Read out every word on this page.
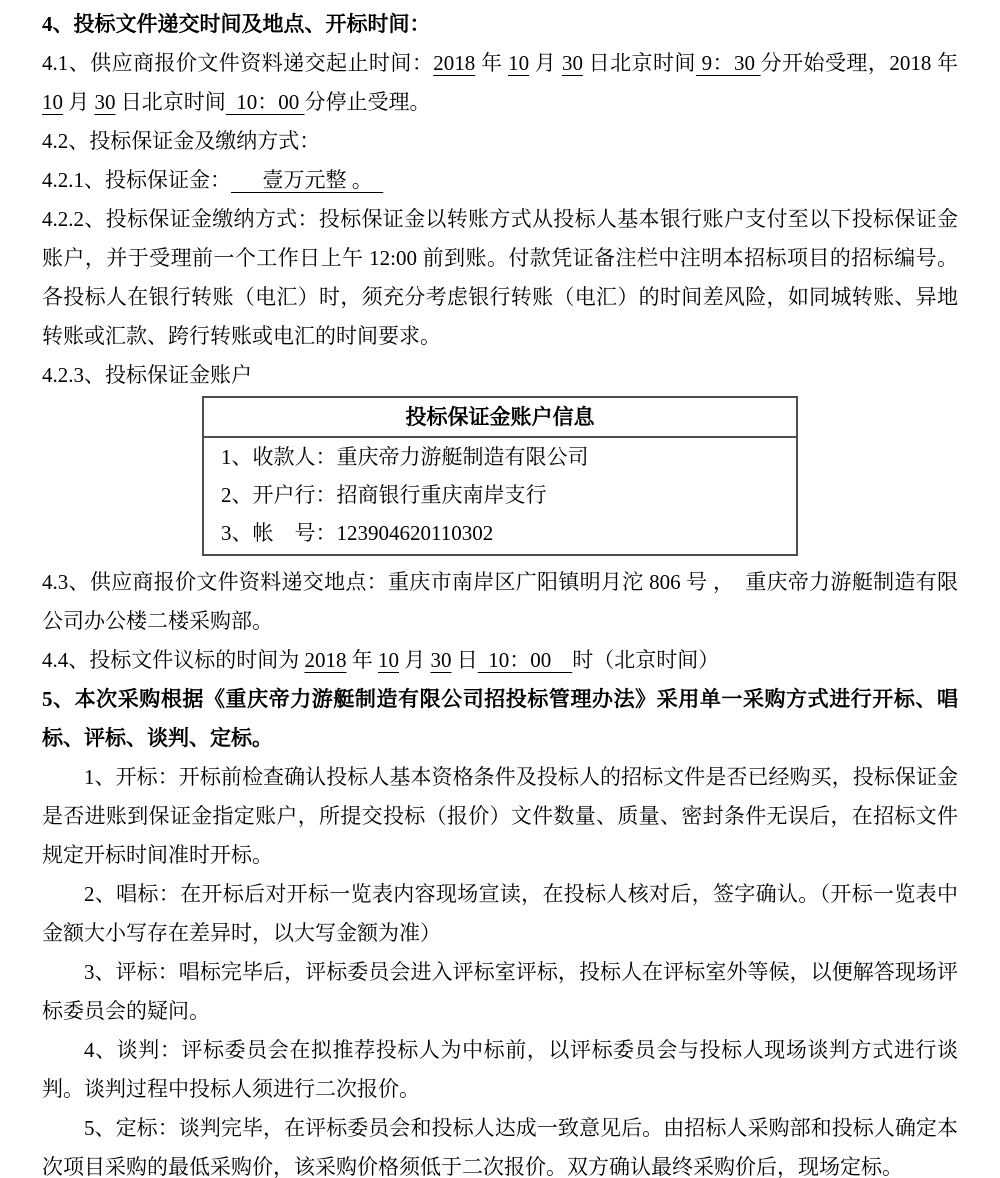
4、投标文件递交时间及地点、开标时间：

4.1、供应商报价文件资料递交起止时间：2018 年 10 月 30 日北京时间 9：30 分开始受理，2018 年 10 月 30 日北京时间  10：00 分停止受理。

4.2、投标保证金及缴纳方式：

4.2.1、投标保证金：      壹万元整 。

4.2.2、投标保证金缴纳方式：投标保证金以转账方式从投标人基本银行账户支付至以下投标保证金账户，并于受理前一个工作日上午 12:00 前到账。付款凭证备注栏中注明本招标项目的招标编号。各投标人在银行转账（电汇）时，须充分考虑银行转账（电汇）的时间差风险，如同城转账、异地转账或汇款、跨行转账或电汇的时间要求。

4.2.3、投标保证金账户

投标保证金账户信息
1、收款人：重庆帝力游艇制造有限公司
2、开户行：招商银行重庆南岸支行
3、帐　号：123904620110302

4.3、供应商报价文件资料递交地点：重庆市南岸区广阳镇明月沱 806 号 ，  重庆帝力游艇制造有限公司办公楼二楼采购部。

4.4、投标文件议标的时间为 2018 年 10 月 30 日  10：00    时（北京时间）

5、本次采购根据《重庆帝力游艇制造有限公司招投标管理办法》采用单一采购方式进行开标、唱标、评标、谈判、定标。

1、开标：开标前检查确认投标人基本资格条件及投标人的招标文件是否已经购买，投标保证金是否进账到保证金指定账户，所提交投标（报价）文件数量、质量、密封条件无误后，在招标文件规定开标时间准时开标。

2、唱标：在开标后对开标一览表内容现场宣读，在投标人核对后，签字确认。（开标一览表中金额大小写存在差异时，以大写金额为准）

3、评标：唱标完毕后，评标委员会进入评标室评标，投标人在评标室外等候，以便解答现场评标委员会的疑问。

4、谈判：评标委员会在拟推荐投标人为中标前，以评标委员会与投标人现场谈判方式进行谈判。谈判过程中投标人须进行二次报价。

5、定标：谈判完毕，在评标委员会和投标人达成一致意见后。由招标人采购部和投标人确定本次项目采购的最低采购价，该采购价格须低于二次报价。双方确认最终采购价后，现场定标。
